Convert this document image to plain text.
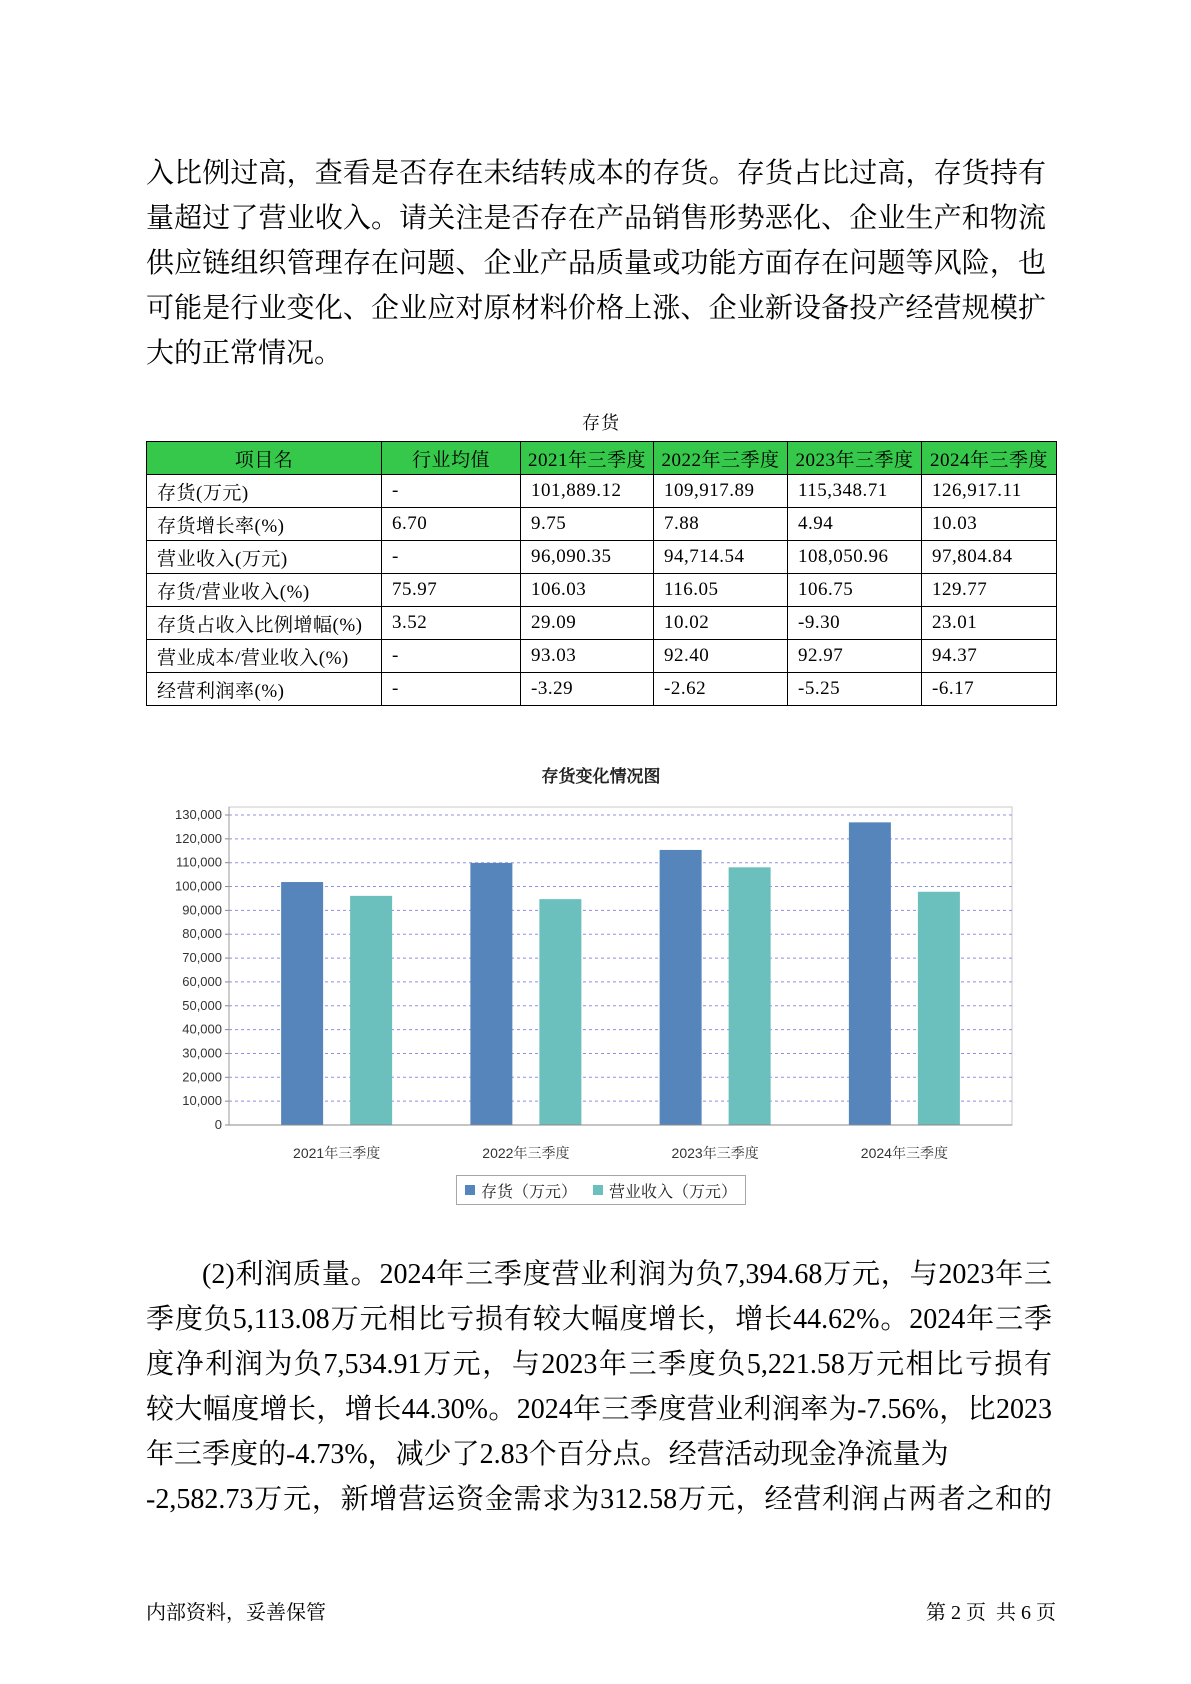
入比例过高，查看是否存在未结转成本的存货。存货占比过高，存货持有
量超过了营业收入。请关注是否存在产品销售形势恶化、企业生产和物流
供应链组织管理存在问题、企业产品质量或功能方面存在问题等风险，也
可能是行业变化、企业应对原材料价格上涨、企业新设备投产经营规模扩
大的正常情况。
存货
项目名	行业均值	2021年三季度	2022年三季度	2023年三季度	2024年三季度
存货(万元)	-	101,889.12	109,917.89	115,348.71	126,917.11
存货增长率(%)	6.70	9.75	7.88	4.94	10.03
营业收入(万元)	-	96,090.35	94,714.54	108,050.96	97,804.84
存货/营业收入(%)	75.97	106.03	116.05	106.75	129.77
存货占收入比例增幅(%)	3.52	29.09	10.02	-9.30	23.01
营业成本/营业收入(%)	-	93.03	92.40	92.97	94.37
经营利润率(%)	-	-3.29	-2.62	-5.25	-6.17
存货变化情况图
0
10,000
20,000
30,000
40,000
50,000
60,000
70,000
80,000
90,000
100,000
110,000
120,000
130,000
2021年三季度	2022年三季度	2023年三季度	2024年三季度
存货（万元） 营业收入（万元）
(2)利润质量。2024年三季度营业利润为负7,394.68万元，与2023年三
季度负5,113.08万元相比亏损有较大幅度增长，增长44.62%。2024年三季
度净利润为负7,534.91万元，与2023年三季度负5,221.58万元相比亏损有
较大幅度增长，增长44.30%。2024年三季度营业利润率为-7.56%，比2023
年三季度的-4.73%，减少了2.83个百分点。经营活动现金净流量为
-2,582.73万元，新增营运资金需求为312.58万元，经营利润占两者之和的
内部资料，妥善保管	第 2 页  共 6 页
